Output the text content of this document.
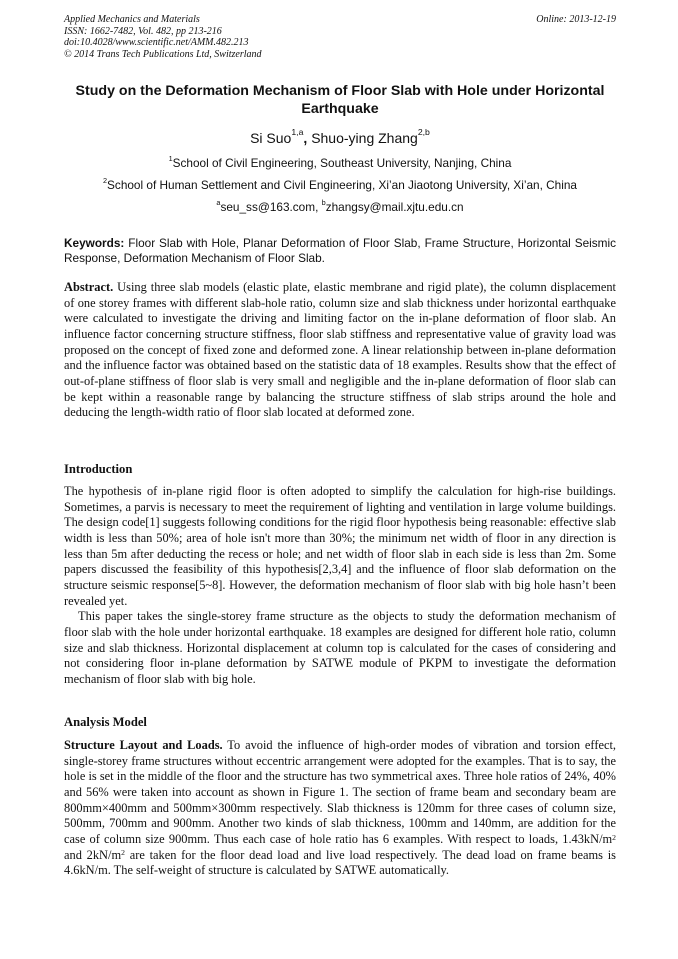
Applied Mechanics and Materials
ISSN: 1662-7482, Vol. 482, pp 213-216
doi:10.4028/www.scientific.net/AMM.482.213
© 2014 Trans Tech Publications Ltd, Switzerland
Online: 2013-12-19
Study on the Deformation Mechanism of Floor Slab with Hole under Horizontal Earthquake
Si Suo$^{1,a}$, Shuo-ying Zhang$^{2,b}$
$^1$School of Civil Engineering, Southeast University, Nanjing, China
$^2$School of Human Settlement and Civil Engineering, Xi’an Jiaotong University, Xi’an, China
$^a$seu_ss@163.com, $^b$zhangsy@mail.xjtu.edu.cn
Keywords: Floor Slab with Hole, Planar Deformation of Floor Slab, Frame Structure, Horizontal Seismic Response, Deformation Mechanism of Floor Slab.
Abstract. Using three slab models (elastic plate, elastic membrane and rigid plate), the column displacement of one storey frames with different slab-hole ratio, column size and slab thickness under horizontal earthquake were calculated to investigate the driving and limiting factor on the in-plane deformation of floor slab. An influence factor concerning structure stiffness, floor slab stiffness and representative value of gravity load was proposed on the concept of fixed zone and deformed zone. A linear relationship between in-plane deformation and the influence factor was obtained based on the statistic data of 18 examples. Results show that the effect of out-of-plane stiffness of floor slab is very small and negligible and the in-plane deformation of floor slab can be kept within a reasonable range by balancing the structure stiffness of slab strips around the hole and deducing the length-width ratio of floor slab located at deformed zone.
Introduction
The hypothesis of in-plane rigid floor is often adopted to simplify the calculation for high-rise buildings. Sometimes, a parvis is necessary to meet the requirement of lighting and ventilation in large volume buildings. The design code[1] suggests following conditions for the rigid floor hypothesis being reasonable: effective slab width is less than 50%; area of hole isn't more than 30%; the minimum net width of floor in any direction is less than 5m after deducting the recess or hole; and net width of floor slab in each side is less than 2m. Some papers discussed the feasibility of this hypothesis[2,3,4] and the influence of floor slab deformation on the structure seismic response[5~8]. However, the deformation mechanism of floor slab with big hole hasn’t been revealed yet.
This paper takes the single-storey frame structure as the objects to study the deformation mechanism of floor slab with the hole under horizontal earthquake. 18 examples are designed for different hole ratio, column size and slab thickness. Horizontal displacement at column top is calculated for the cases of considering and not considering floor in-plane deformation by SATWE module of PKPM to investigate the deformation mechanism of floor slab with big hole.
Analysis Model
Structure Layout and Loads. To avoid the influence of high-order modes of vibration and torsion effect, single-storey frame structures without eccentric arrangement were adopted for the examples. That is to say, the hole is set in the middle of the floor and the structure has two symmetrical axes. Three hole ratios of 24%, 40% and 56% were taken into account as shown in Figure 1. The section of frame beam and secondary beam are 800mm×400mm and 500mm×300mm respectively. Slab thickness is 120mm for three cases of column size, 500mm, 700mm and 900mm. Another two kinds of slab thickness, 100mm and 140mm, are addition for the case of column size 900mm. Thus each case of hole ratio has 6 examples. With respect to loads, $1.43kN/m^2$ and $2kN/m^2$ are taken for the floor dead load and live load respectively. The dead load on frame beams is 4.6kN/m. The self-weight of structure is calculated by SATWE automatically.
